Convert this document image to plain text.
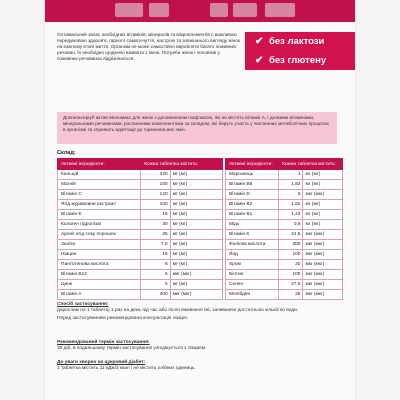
✔ без лактози
✔ без глютену
Оптимальний запас необхідних вітамінів, мінералів та мікроелементів є важливою передумовою здоров'я, гарного самопочуття, настрою та зовнішнього вигляду жінок на кожному етапі життя. Організм не може самостійно виробляти багато поживних речовин. Їх необхідно щоденно вживати з їжею. Потреби жінок і чоловіків у поживних речовинах відрізняються.
Доппельгерц® актив Меномакс для жінок з доповненням Ізофлавоні, які не містять вітамін А, і деякими вітамінами, мінеральними речовинами, рослинними компонентами за складом, які беруть участь у численних метаболічних процесах в організмі та сприяють адаптації до гормональних змін.
Склад:
Активні інгредієнти:	Кожна таблетка містить:	
Кальцій	320	мг (мг)
Магній	100	мг (мг)
Вітамін С	120	мг (мг)
Ягід журавлини екстракт	100	мг (мг)
Вітамін Е	16	мг (мг)
Колаген гідролізат	30	мг (мг)
Аронії ягід соку порошок	25	мг (мг)
Залізо	7,5	мг (мг)
Ніацин	16	мг (мг)
Пантотенова кислота	6	мг (мг)
Вітамін В12	6	мкг (мкг)
Цинк	5	мг (мг)
Вітамін А	400	мкг (мкг)
Активні інгредієнти:	Кожна таблетка містить:	
Марганець	1	мг (мг)
Вітамін В6	1,82	мг (мг)
Вітамін D	5	мкг (мкг)
Вітамін В2	1,82	мг (мг)
Вітамін В1	1,43	мг (мг)
Мідь	0,5	мг (мг)
Вітамін К	24,5	мкг (мкг)
Фолієва кислота	300	мкг (мкг)
Йод	100	мкг (мкг)
Хром	20	мкг (мкг)
Біотин	100	мкг (мкг)
Селен	27,5	мкг (мкг)
Молібден	25	мкг (мкг)
Спосіб застосування:
дорослим по 1 таблетці 1 раз на день під час або після вживання їжі, запиваючи достатньою кількістю води.
Перед застосуванням рекомендована консультація лікаря.
Рекомендований термін застосування:
30 діб, в подальшому термін застосування узгоджується з лікарем.
До уваги хворих на цукровий діабет:
1 таблетка містить 11 кДж/3 ккал і не містить хлібних одиниць.
